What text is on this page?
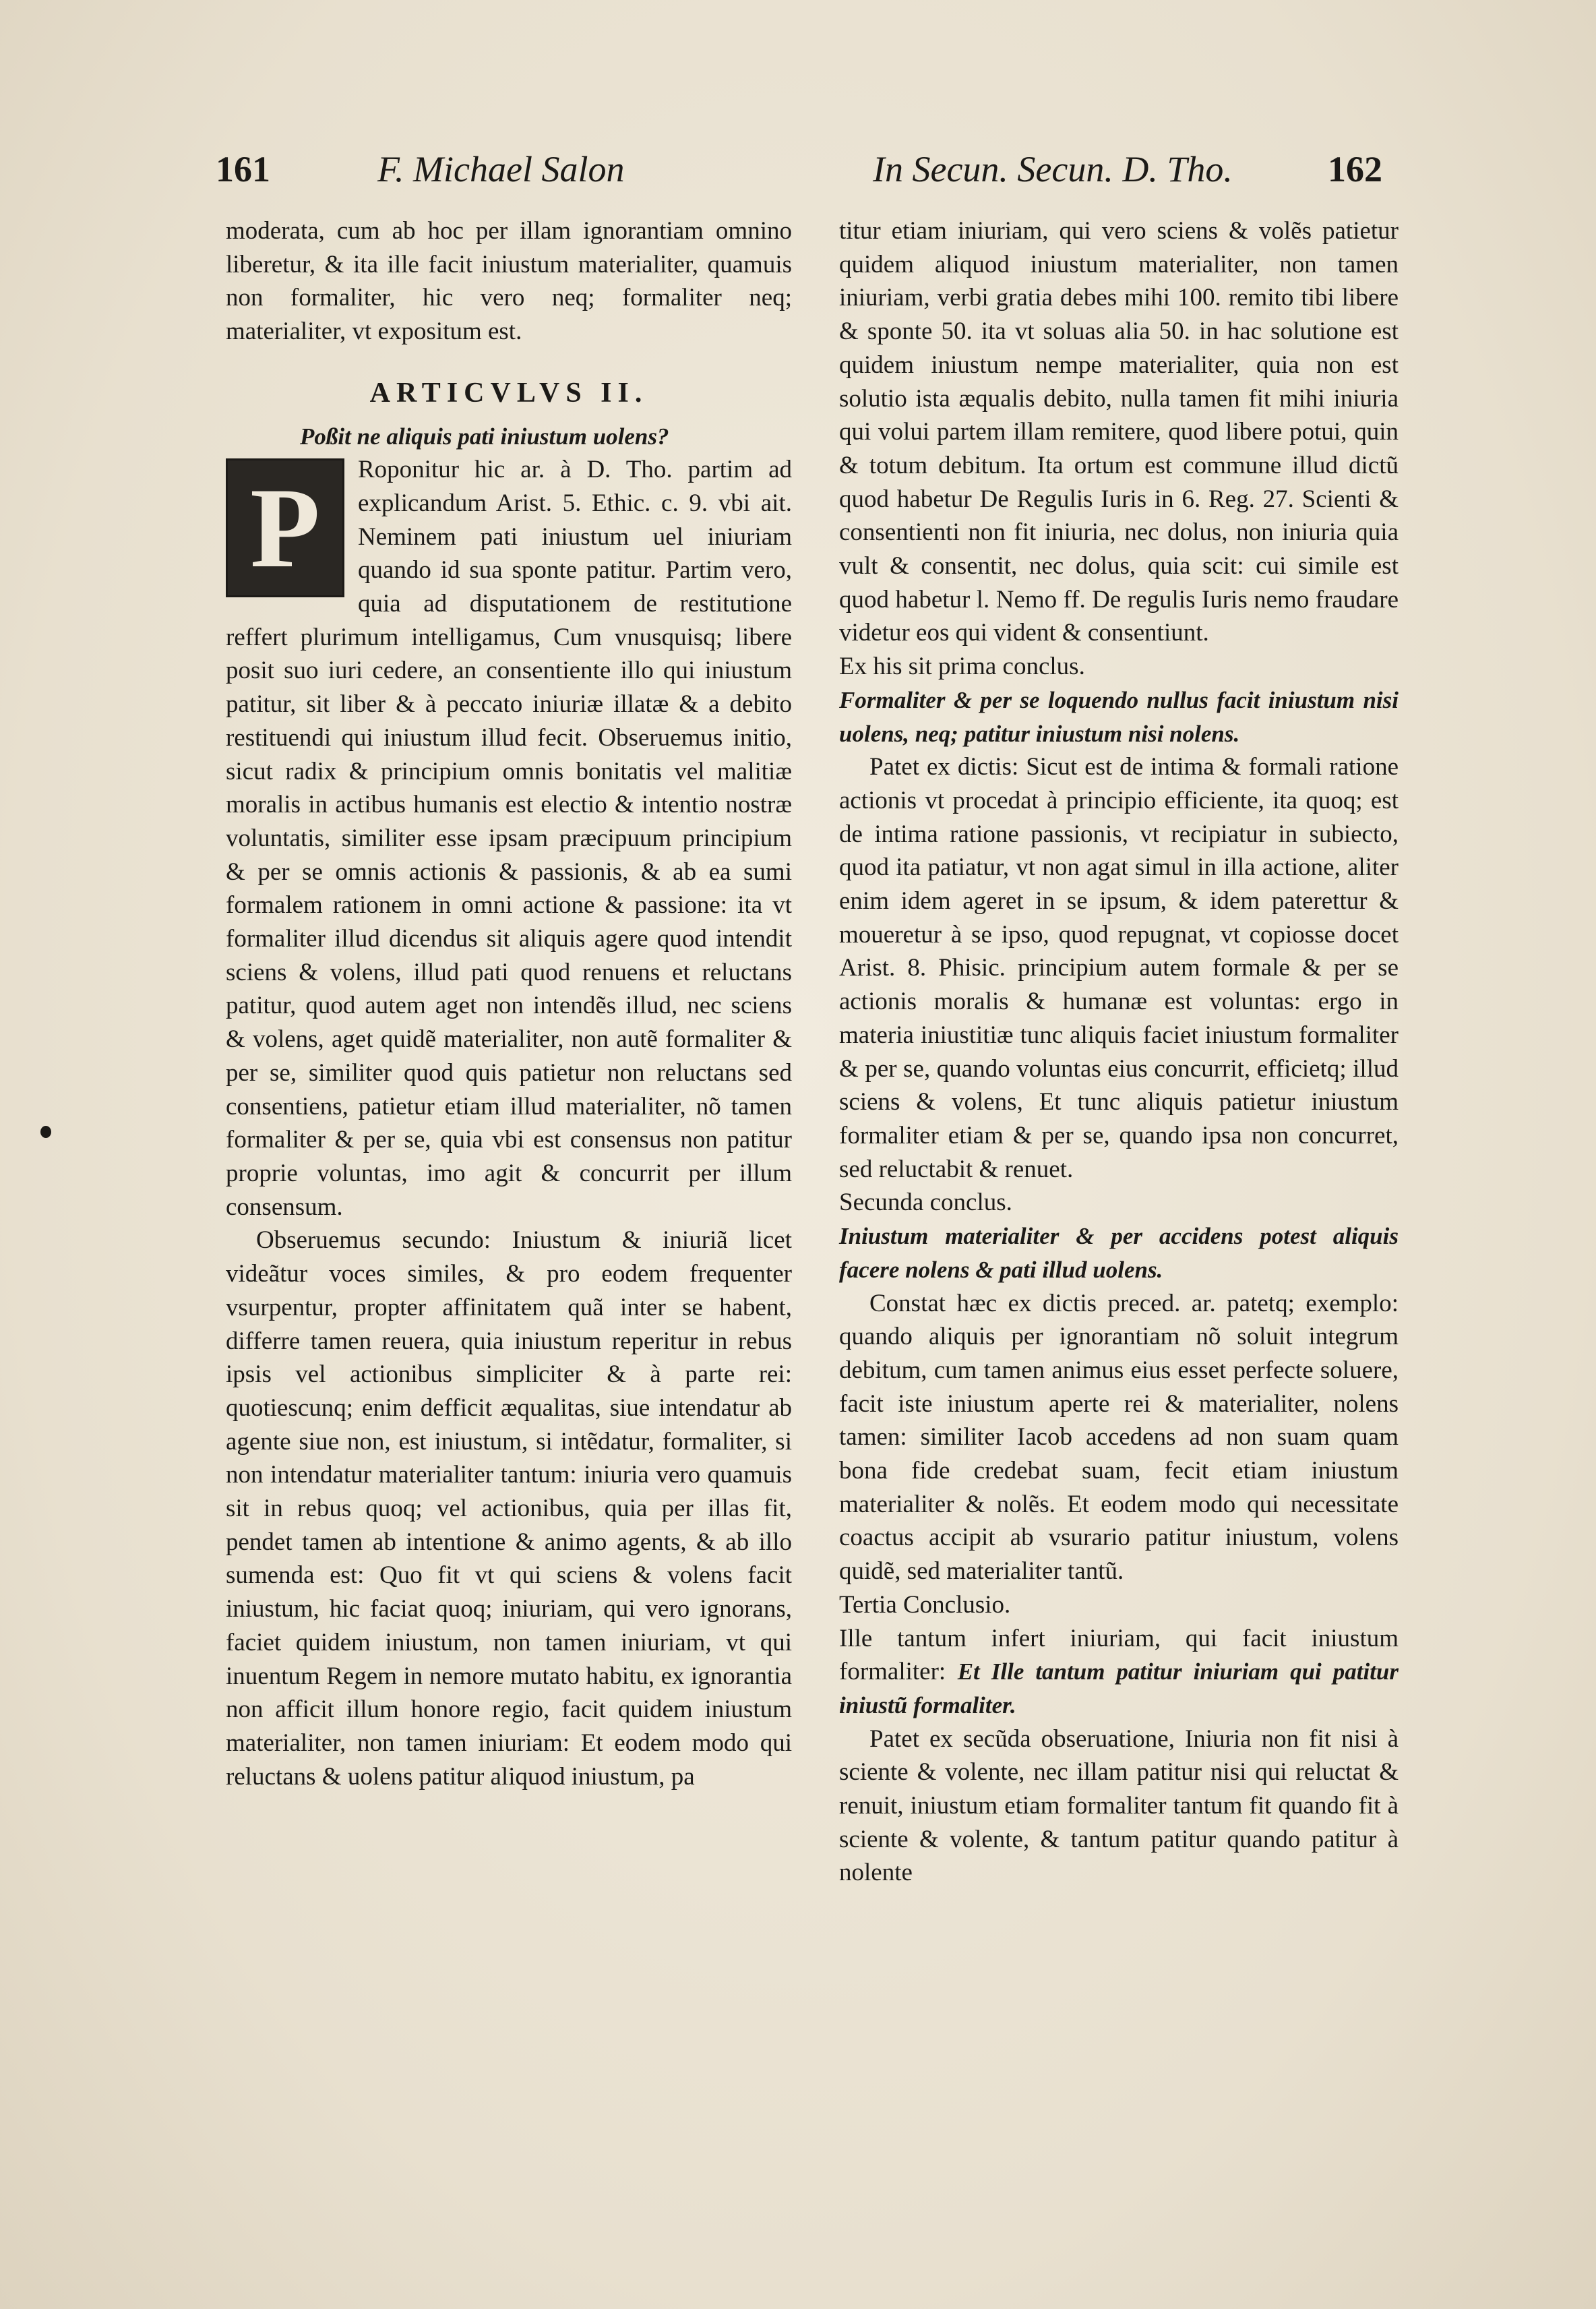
161	F. Michael Salon	In Secun. Secun. D. Tho.	162

moderata, cum ab hoc per illam ignorantiam omnino liberetur, & ita ille facit iniustum materialiter, quamuis non formaliter, hic vero neq; formaliter neq; materialiter, vt expositum est.

ARTICVLVS II.

Poßit ne aliquis pati iniustum uolens?

P	Roponitur hic ar. à D. Tho. partim ad explicandum Arist. 5. Ethic. c. 9. vbi ait. Neminem pati iniustum uel iniuriam quando id sua sponte patitur. Partim vero, quia ad disputationem de restitutione reffert plurimum intelligamus, Cum vnusquisq; libere posit suo iuri cedere, an consentiente illo qui iniustum patitur, sit liber & à peccato iniuriæ illatæ & a debito restituendi qui iniustum illud fecit. Obseruemus initio, sicut radix & principium omnis bonitatis vel malitiæ moralis in actibus humanis est electio & intentio nostræ voluntatis, similiter esse ipsam præcipuum principium & per se omnis actionis & passionis, & ab ea sumi formalem rationem in omni actione & passione: ita vt formaliter illud dicendus sit aliquis agere quod intendit sciens & volens, illud pati quod renuens et reluctans patitur, quod autem aget non intendẽs illud, nec sciens & volens, aget quidẽ materialiter, non autẽ formaliter & per se, similiter quod quis patietur non reluctans sed consentiens, patietur etiam illud materialiter, nõ tamen formaliter & per se, quia vbi est consensus non patitur proprie voluntas, imo agit & concurrit per illum consensum.

Obseruemus secundo: Iniustum & iniuriã licet videãtur voces similes, & pro eodem frequenter vsurpentur, propter affinitatem quã inter se habent, differre tamen reuera, quia iniustum reperitur in rebus ipsis vel actionibus simpliciter & à parte rei: quotiescunq; enim defficit æqualitas, siue intendatur ab agente siue non, est iniustum, si intẽdatur, formaliter, si non intendatur materialiter tantum: iniuria vero quamuis sit in rebus quoq; vel actionibus, quia per illas fit, pendet tamen ab intentione & animo agents, & ab illo sumenda est: Quo fit vt qui sciens & volens facit iniustum, hic faciat quoq; iniuriam, qui vero ignorans, faciet quidem iniustum, non tamen iniuriam, vt qui inuentum Regem in nemore mutato habitu, ex ignorantia non afficit illum honore regio, facit quidem iniustum materialiter, non tamen iniuriam: Et eodem modo qui reluctans & uolens patitur aliquod iniustum, pa

titur etiam iniuriam, qui vero sciens & volẽs patietur quidem aliquod iniustum materialiter, non tamen iniuriam, verbi gratia debes mihi 100. remito tibi libere & sponte 50. ita vt soluas alia 50. in hac solutione est quidem iniustum nempe materialiter, quia non est solutio ista æqualis debito, nulla tamen fit mihi iniuria qui volui partem illam remitere, quod libere potui, quin & totum debitum. Ita ortum est commune illud dictũ quod habetur De Regulis Iuris in 6. Reg. 27. Scienti & consentienti non fit iniuria, nec dolus, non iniuria quia vult & consentit, nec dolus, quia scit: cui simile est quod habetur l. Nemo ff. De regulis Iuris nemo fraudare videtur eos qui vident & consentiunt.

Ex his sit prima conclus.

Formaliter & per se loquendo nullus facit iniustum nisi uolens, neq; patitur iniustum nisi nolens.

Patet ex dictis: Sicut est de intima & formali ratione actionis vt procedat à principio efficiente, ita quoq; est de intima ratione passionis, vt recipiatur in subiecto, quod ita patiatur, vt non agat simul in illa actione, aliter enim idem ageret in se ipsum, & idem paterettur & moueretur à se ipso, quod repugnat, vt copiosse docet Arist. 8. Phisic. principium autem formale & per se actionis moralis & humanæ est voluntas: ergo in materia iniustitiæ tunc aliquis faciet iniustum formaliter & per se, quando voluntas eius concurrit, efficietq; illud sciens & volens, Et tunc aliquis patietur iniustum formaliter etiam & per se, quando ipsa non concurret, sed reluctabit & renuet.

Secunda conclus.

Iniustum materialiter & per accidens potest aliquis facere nolens & pati illud uolens.

Constat hæc ex dictis preced. ar. patetq; exemplo: quando aliquis per ignorantiam nõ soluit integrum debitum, cum tamen animus eius esset perfecte soluere, facit iste iniustum aperte rei & materialiter, nolens tamen: similiter Iacob accedens ad non suam quam bona fide credebat suam, fecit etiam iniustum materialiter & nolẽs. Et eodem modo qui necessitate coactus accipit ab vsurario patitur iniustum, volens quidẽ, sed materialiter tantũ.

Tertia Conclusio.

Ille tantum infert iniuriam, qui facit iniustum formaliter: Et Ille tantum patitur iniuriam qui patitur iniustũ formaliter.

Patet ex secũda obseruatione, Iniuria non fit nisi à sciente & volente, nec illam patitur nisi qui reluctat & renuit, iniustum etiam formaliter tantum fit quando fit à sciente & volente, & tantum patitur quando patitur à nolente
